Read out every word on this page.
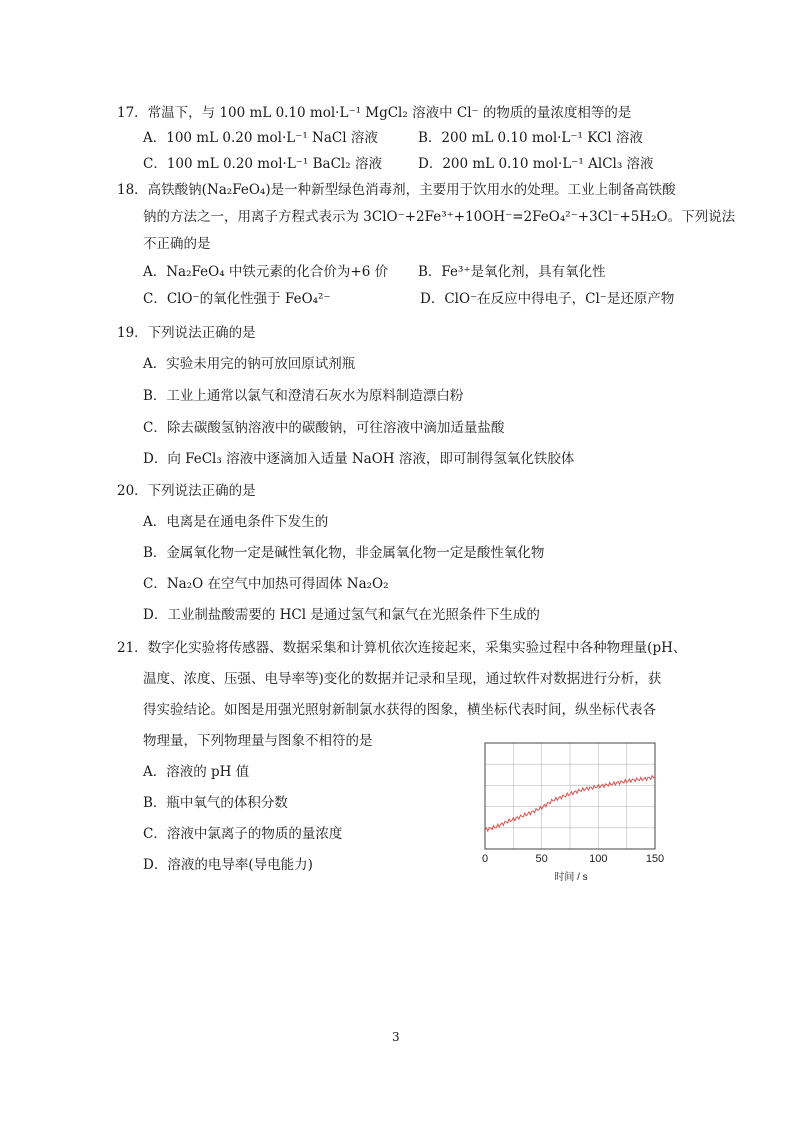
17．常温下，与 100 mL 0.10 mol·L⁻¹ MgCl₂ 溶液中 Cl⁻ 的物质的量浓度相等的是
A．100 mL 0.20 mol·L⁻¹ NaCl 溶液	B．200 mL 0.10 mol·L⁻¹ KCl 溶液
C．100 mL 0.20 mol·L⁻¹ BaCl₂ 溶液	D．200 mL 0.10 mol·L⁻¹ AlCl₃ 溶液
18．高铁酸钠(Na₂FeO₄)是一种新型绿色消毒剂，主要用于饮用水的处理。工业上制备高铁酸
钠的方法之一，用离子方程式表示为 3ClO⁻+2Fe³⁺+10OH⁻=2FeO₄²⁻+3Cl⁻+5H₂O。下列说法
不正确的是
A．Na₂FeO₄ 中铁元素的化合价为+6 价 B．Fe³⁺是氧化剂，具有氧化性
C．ClO⁻的氧化性强于 FeO₄²⁻	D．ClO⁻在反应中得电子，Cl⁻是还原产物
19．下列说法正确的是
A．实验未用完的钠可放回原试剂瓶
B．工业上通常以氯气和澄清石灰水为原料制造漂白粉
C．除去碳酸氢钠溶液中的碳酸钠，可往溶液中滴加适量盐酸
D．向 FeCl₃ 溶液中逐滴加入适量 NaOH 溶液，即可制得氢氧化铁胶体
20．下列说法正确的是
A．电离是在通电条件下发生的
B．金属氧化物一定是碱性氧化物，非金属氧化物一定是酸性氧化物
C．Na₂O 在空气中加热可得固体 Na₂O₂
D．工业制盐酸需要的 HCl 是通过氢气和氯气在光照条件下生成的
21．数字化实验将传感器、数据采集和计算机依次连接起来，采集实验过程中各种物理量(pH、
温度、浓度、压强、电导率等)变化的数据并记录和呈现，通过软件对数据进行分析，获
得实验结论。如图是用强光照射新制氯水获得的图象，横坐标代表时间，纵坐标代表各
物理量，下列物理量与图象不相符的是
A．溶液的 pH 值
B．瓶中氧气的体积分数
C．溶液中氯离子的物质的量浓度
D．溶液的电导率(导电能力)	0	50	100	150
时间 / s
3
